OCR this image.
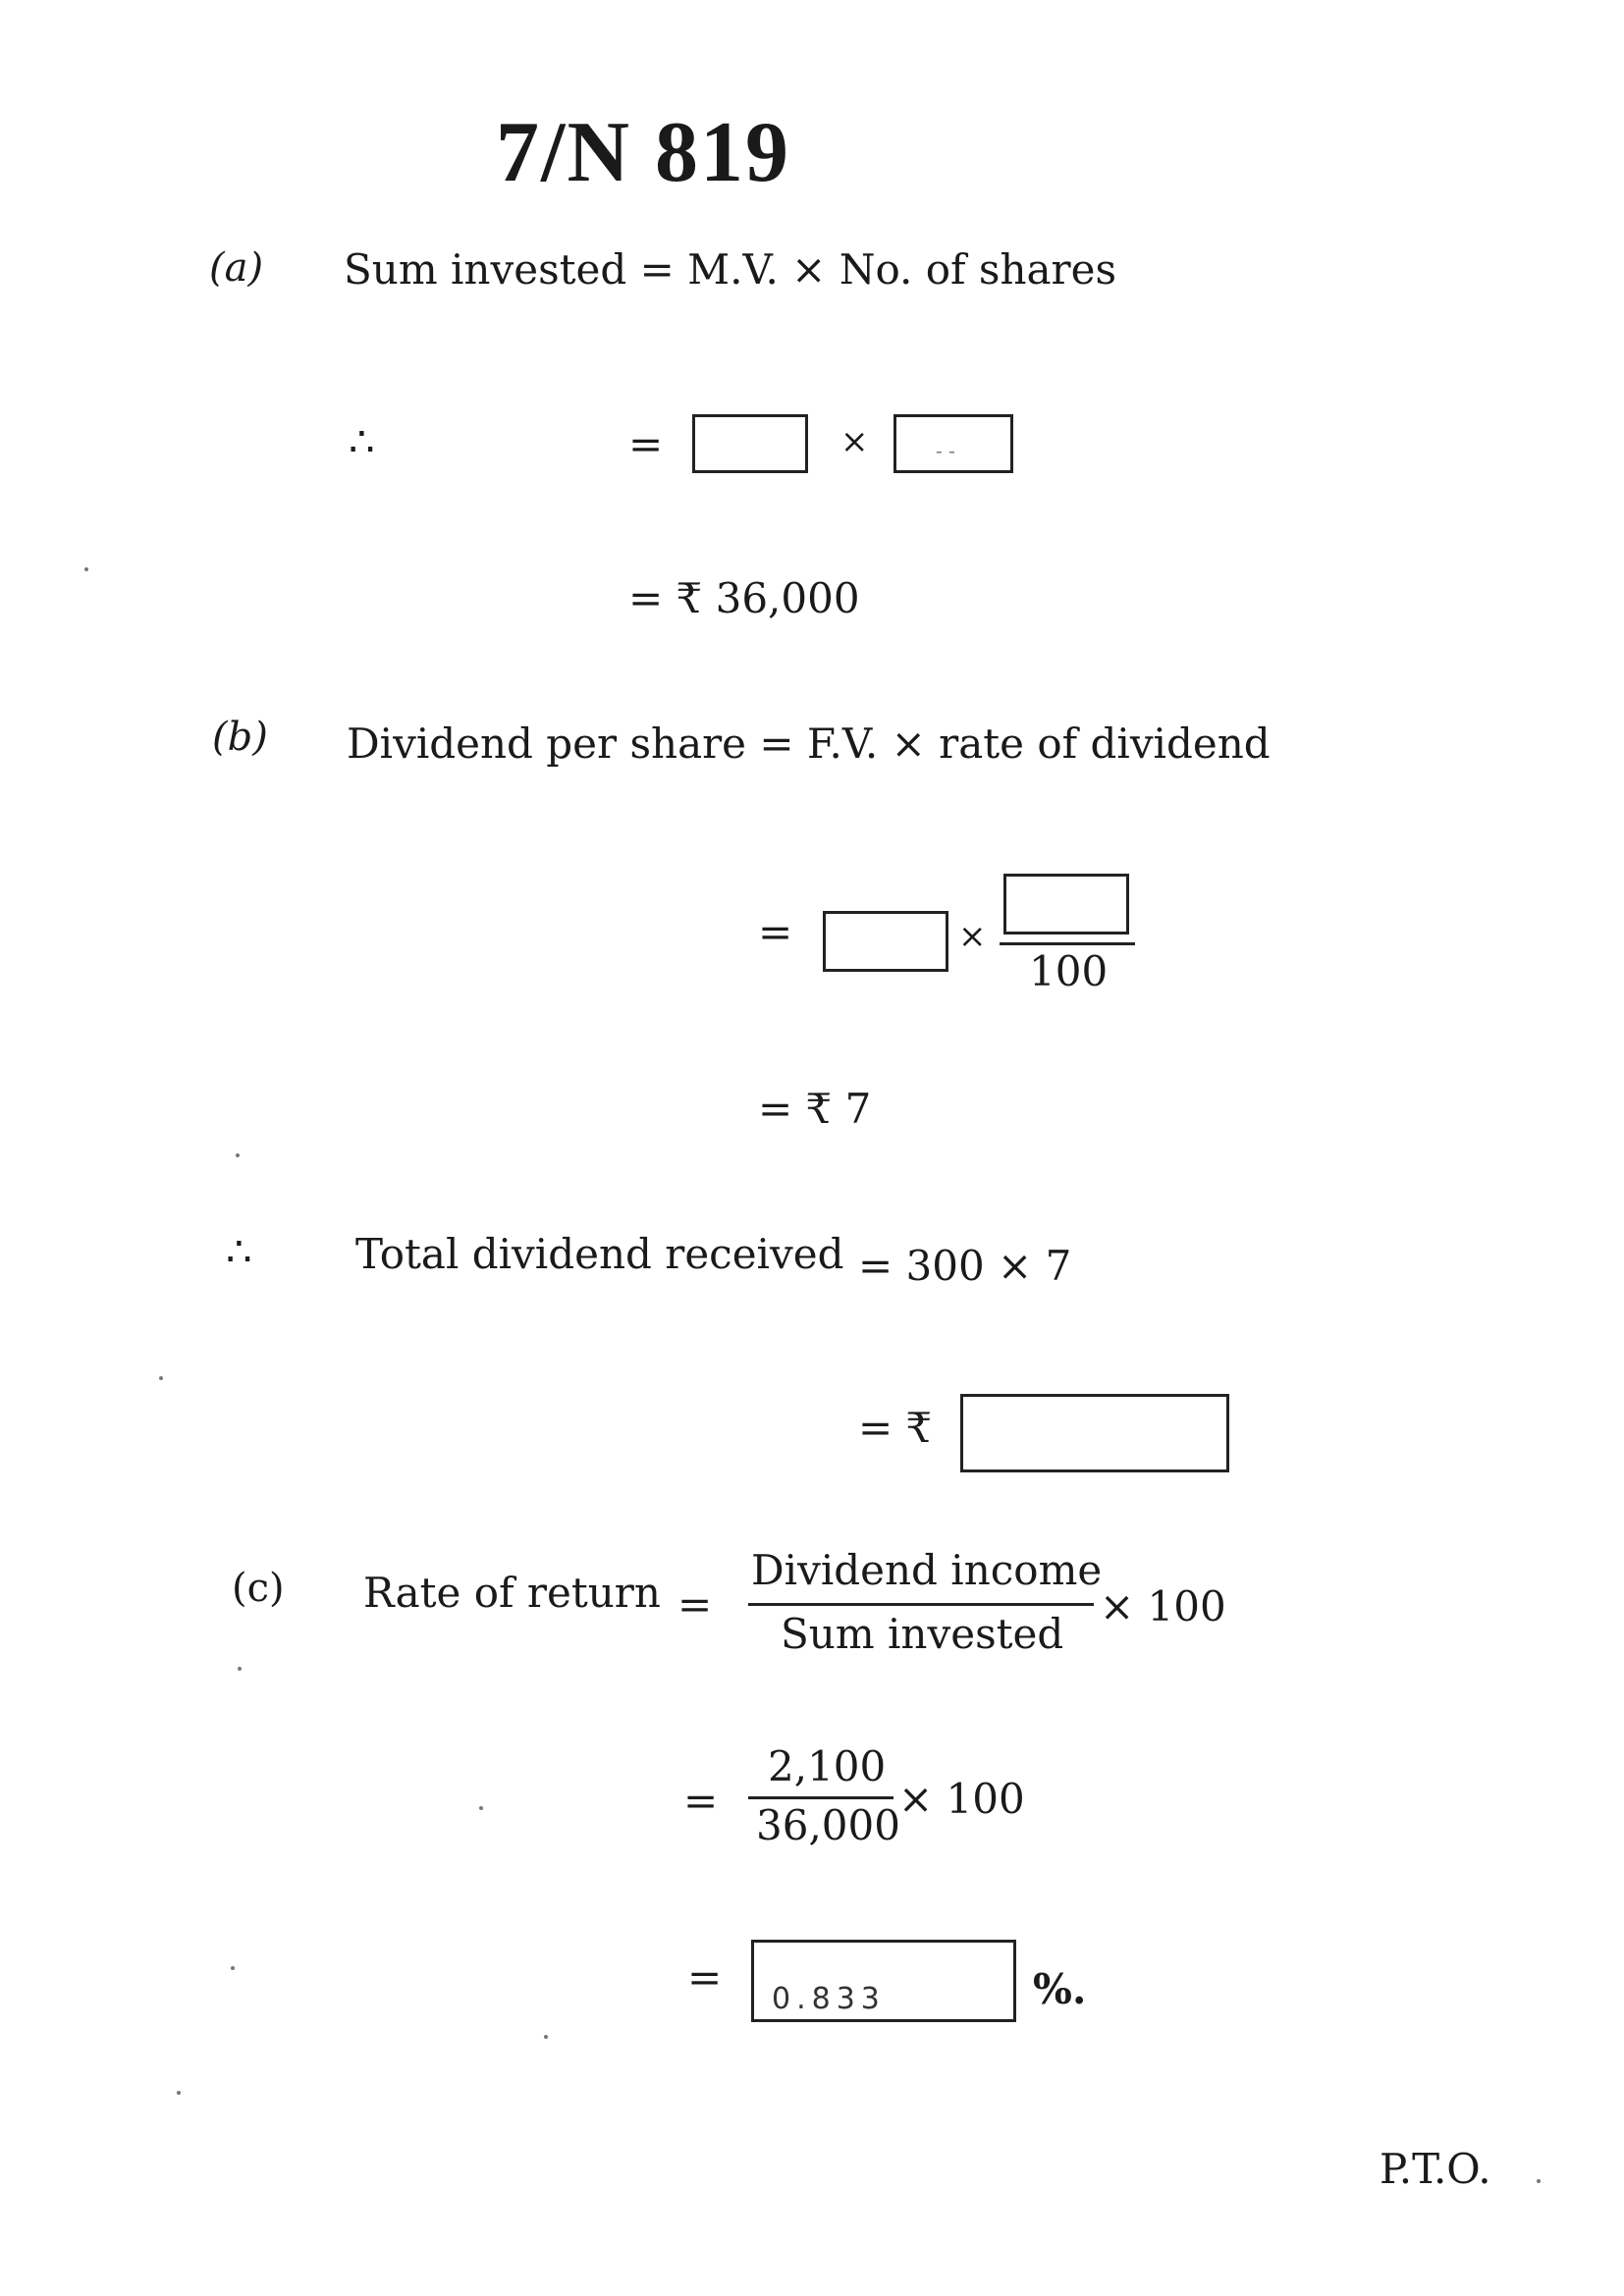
7/N 819
(a) Sum invested = M.V. × No. of shares
∴	=	×	- -
= ₹ 36,000
(b) Dividend per share = F.V. × rate of dividend
=	×
100
= ₹ 7
∴	Total dividend received = 300 × 7
= ₹
(c) Rate of return =
Dividend income
Sum invested
× 100
=
2,100
36,000
× 100
= 0.833	%.
P.T.O.
